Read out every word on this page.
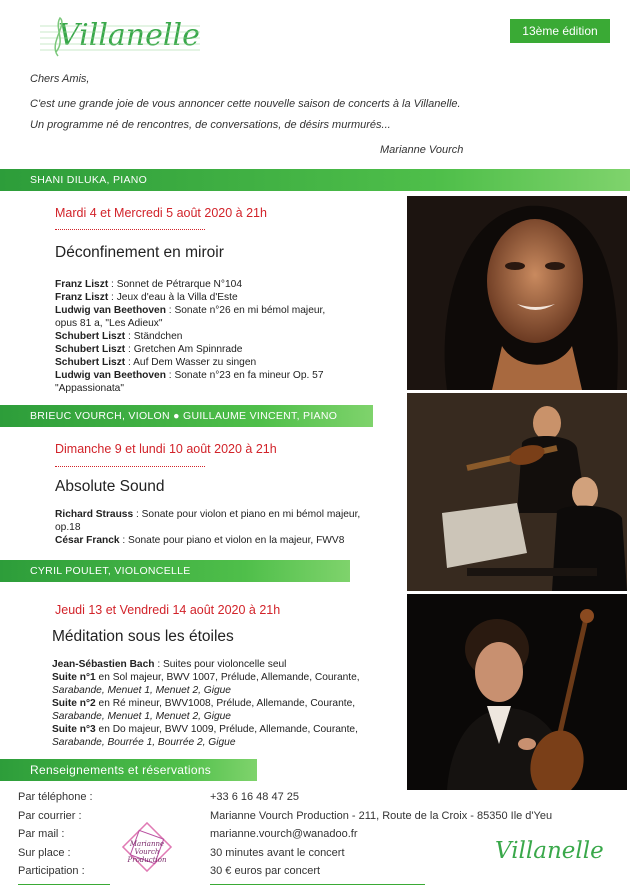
Villanelle	13ème édition
Chers Amis,
C'est une grande joie de vous annoncer cette nouvelle saison de concerts à la Villanelle.
Un programme né de rencontres, de conversations, de désirs murmurés...
Marianne Vourch
SHANI DILUKA, PIANO
Mardi 4 et Mercredi 5 août 2020 à 21h
Déconfinement en miroir
Franz Liszt : Sonnet de Pétrarque N°104
Franz Liszt : Jeux d'eau à la Villa d'Este
Ludwig van Beethoven : Sonate n°26 en mi bémol majeur,
opus 81 a, "Les Adieux"
Schubert Liszt : Ständchen
Schubert Liszt : Gretchen Am Spinnrade
Schubert Liszt : Auf Dem Wasser zu singen
Ludwig van Beethoven : Sonate n°23 en fa mineur Op. 57
"Appassionata"
BRIEUC VOURCH, VIOLON ● GUILLAUME VINCENT, PIANO
Dimanche 9 et lundi 10 août 2020 à 21h
Absolute Sound
Richard Strauss : Sonate pour violon et piano en mi bémol majeur,
op.18
César Franck : Sonate pour piano et violon en la majeur, FWV8
CYRIL POULET, VIOLONCELLE
Jeudi 13 et Vendredi 14 août 2020 à 21h
Méditation sous les étoiles
Jean-Sébastien Bach : Suites pour violoncelle seul
Suite n°1 en Sol majeur, BWV 1007, Prélude, Allemande, Courante,
Sarabande, Menuet 1, Menuet 2, Gigue
Suite n°2 en Ré mineur, BWV1008, Prélude, Allemande, Courante,
Sarabande, Menuet 1, Menuet 2, Gigue
Suite n°3 en Do majeur, BWV 1009, Prélude, Allemande, Courante,
Sarabande, Bourrée 1, Bourrée 2, Gigue
Renseignements et réservations
Par téléphone :	+33 6 16 48 47 25
Par courrier :	Marianne Vourch Production - 211, Route de la Croix - 85350 Ile d'Yeu
Par mail :	marianne.vourch@wanadoo.fr
Sur place :	30 minutes avant le concert
Participation :	30 € euros par concert
Marianne Vourch Production	Villanelle
